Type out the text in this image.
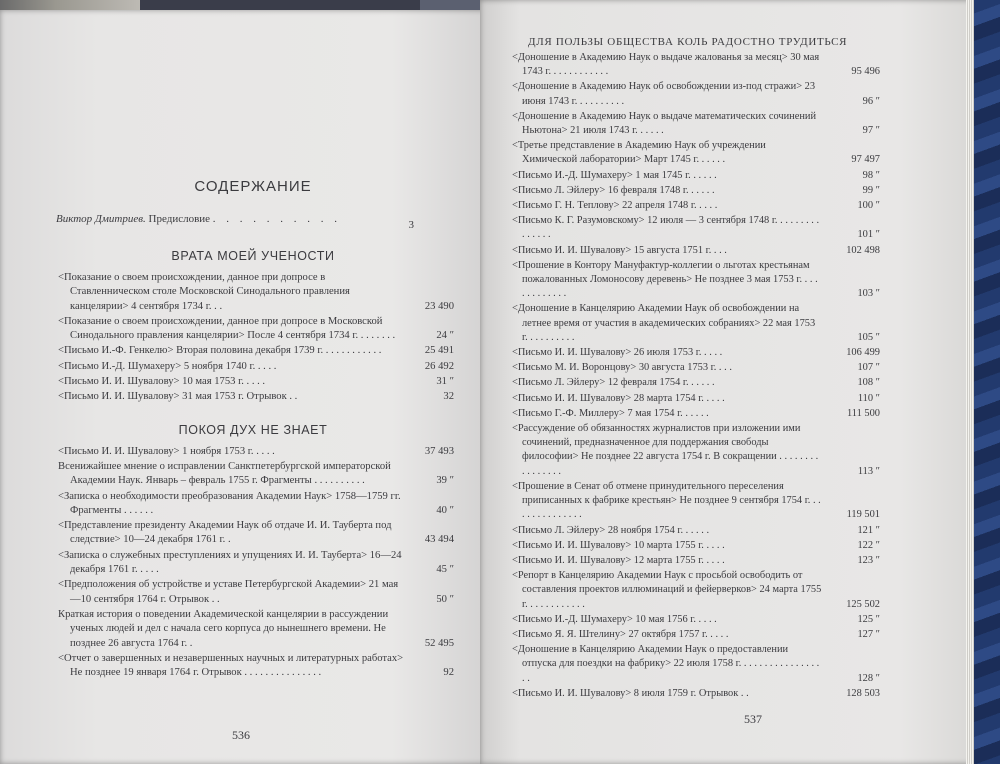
СОДЕРЖАНИЕ
Виктор Дмитриев. Предисловие . . . . . . . . . .	3
ВРАТА МОЕЙ УЧЕНОСТИ
<Показание о своем происхождении, данное при допросе в Ставленническом столе Московской Синодального правления канцелярии> 4 сентября 1734 г. . .	23 490
<Показание о своем происхождении, данное при допросе в Московской Синодального правления канцелярии> После 4 сентября 1734 г. . . . . . . .	24 ″
<Письмо И.-Ф. Генкелю> Вторая половина декабря 1739 г. . . . . . . . . . . .	25 491
<Письмо И.-Д. Шумахеру> 5 ноября 1740 г. . . . .	26 492
<Письмо И. И. Шувалову> 10 мая 1753 г. . . . .	31 ″
<Письмо И. И. Шувалову> 31 мая 1753 г. Отрывок . .	32
ПОКОЯ ДУХ НЕ ЗНАЕТ
<Письмо И. И. Шувалову> 1 ноября 1753 г. . . . .	37 493
Всенижайшее мнение о исправлении Санктпетербургской императорской Академии Наук. Январь – февраль 1755 г. Фрагменты . . . . . . . . . .	39 ″
<Записка о необходимости преобразования Академии Наук> 1758—1759 гг. Фрагменты . . . . . .	40 ″
<Представление президенту Академии Наук об отдаче И. И. Тауберта под следствие> 10—24 декабря 1761 г. .	43 494
<Записка о служебных преступлениях и упущениях И. И. Тауберта> 16—24 декабря 1761 г. . . . .	45 ″
<Предположения об устройстве и уставе Петербургской Академии> 21 мая—10 сентября 1764 г. Отрывок . .	50 ″
Краткая история о поведении Академической канцелярии в рассуждении ученых людей и дел с начала сего корпуса до нынешнего времени. Не позднее 26 августа 1764 г. .	52 495
<Отчет о завершенных и незавершенных научных и литературных работах> Не позднее 19 января 1764 г. Отрывок . . . . . . . . . . . . . . .	92
536
ДЛЯ ПОЛЬЗЫ ОБЩЕСТВА КОЛЬ РАДОСТНО ТРУДИТЬСЯ
<Доношение в Академию Наук о выдаче жалованья за месяц> 30 мая 1743 г. . . . . . . . . . . .	95 496
<Доношение в Академию Наук об освобождении из-под стражи> 23 июня 1743 г. . . . . . . . . .	96 ″
<Доношение в Академию Наук о выдаче математических сочинений Ньютона> 21 июля 1743 г. . . . . .	97 ″
<Третье представление в Академию Наук об учреждении Химической лаборатории> Март 1745 г. . . . . .	97 497
<Письмо И.-Д. Шумахеру> 1 мая 1745 г. . . . . .	98 ″
<Письмо Л. Эйлеру> 16 февраля 1748 г. . . . . .	99 ″
<Письмо Г. Н. Теплову> 22 апреля 1748 г. . . . .	100 ″
<Письмо К. Г. Разумовскому> 12 июля — 3 сентября 1748 г. . . . . . . . . . . . . . .	101 ″
<Письмо И. И. Шувалову> 15 августа 1751 г. . . .	102 498
<Прошение в Контору Мануфактур-коллегии о льготах крестьянам пожалованных Ломоносову деревень> Не позднее 3 мая 1753 г. . . . . . . . . . . . .	103 ″
<Доношение в Канцелярию Академии Наук об освобождении на летнее время от участия в академических собраниях> 22 мая 1753 г. . . . . . . . . .	105 ″
<Письмо И. И. Шувалову> 26 июля 1753 г. . . . .	106 499
<Письмо М. И. Воронцову> 30 августа 1753 г. . . .	107 ″
<Письмо Л. Эйлеру> 12 февраля 1754 г. . . . . .	108 ″
<Письмо И. И. Шувалову> 28 марта 1754 г. . . . .	110 ″
<Письмо Г.-Ф. Миллеру> 7 мая 1754 г. . . . . .	111 500
<Рассуждение об обязанностях журналистов при изложении ими сочинений, предназначенное для поддержания свободы философии> Не позднее 22 августа 1754 г. В сокращении . . . . . . . . . . . . . . . .	113 ″
<Прошение в Сенат об отмене принудительного переселения приписанных к фабрике крестьян> Не позднее 9 сентября 1754 г. . . . . . . . . . . . . . .	119 501
<Письмо Л. Эйлеру> 28 ноября 1754 г. . . . . .	121 ″
<Письмо И. И. Шувалову> 10 марта 1755 г. . . . .	122 ″
<Письмо И. И. Шувалову> 12 марта 1755 г. . . . .	123 ″
<Репорт в Канцелярию Академии Наук с просьбой освободить от составления проектов иллюминаций и фейерверков> 24 марта 1755 г. . . . . . . . . . . .	125 502
<Письмо И.-Д. Шумахеру> 10 мая 1756 г. . . . .	125 ″
<Письмо Я. Я. Штелину> 27 октября 1757 г. . . . .	127 ″
<Доношение в Канцелярию Академии Наук о предоставлении отпуска для поездки на фабрику> 22 июля 1758 г. . . . . . . . . . . . . . . . . .	128 ″
<Письмо И. И. Шувалову> 8 июля 1759 г. Отрывок . .	128 503
537
